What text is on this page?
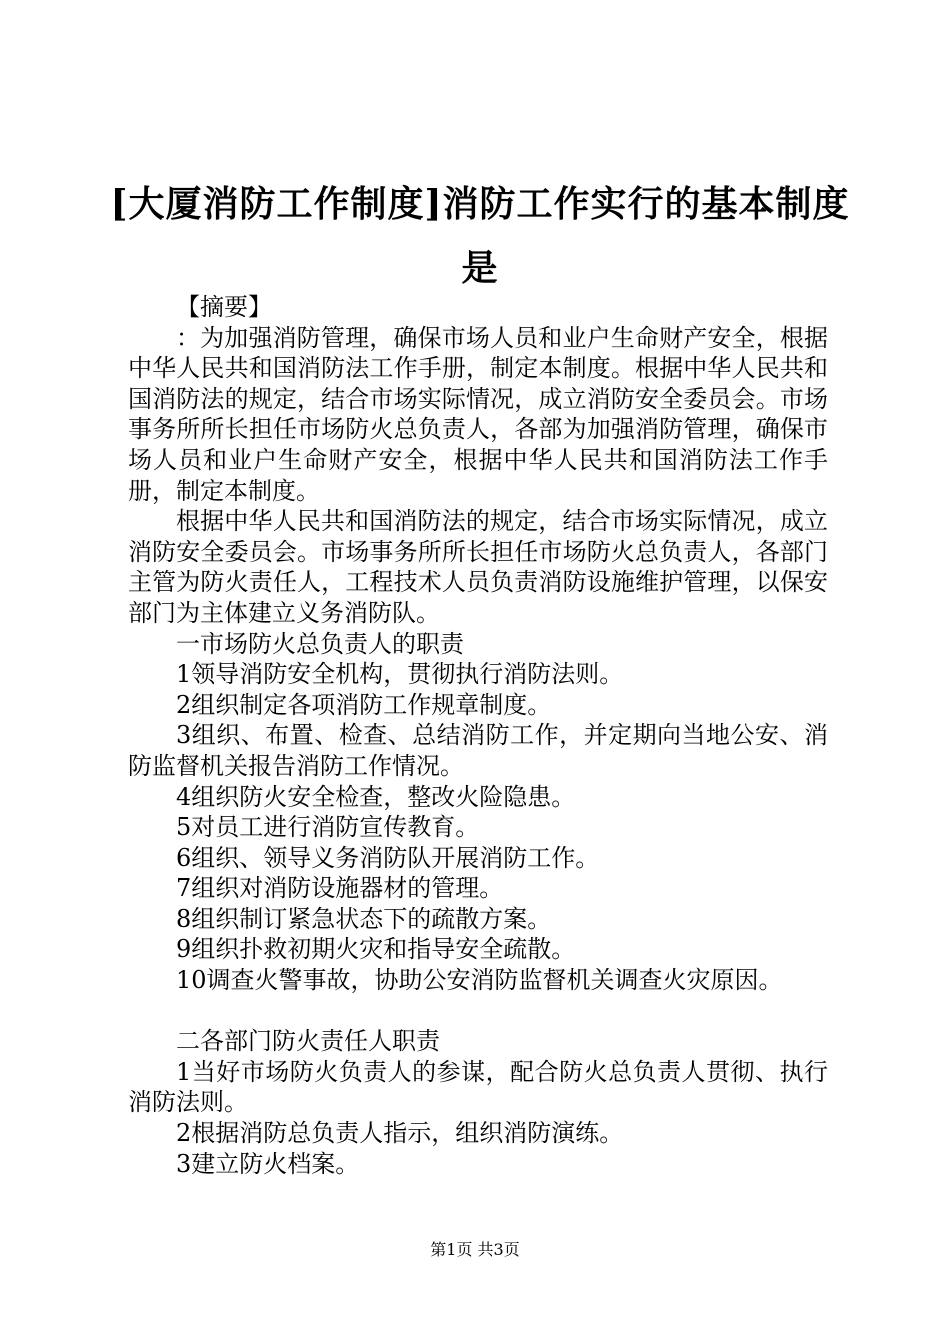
[大厦消防工作制度]消防工作实行的基本制度
是

【摘要】

：为加强消防管理，确保市场人员和业户生命财产安全，根据中华人民共和国消防法工作手册，制定本制度。根据中华人民共和国消防法的规定，结合市场实际情况，成立消防安全委员会。市场事务所所长担任市场防火总负责人，各部为加强消防管理，确保市场人员和业户生命财产安全，根据中华人民共和国消防法工作手册，制定本制度。

根据中华人民共和国消防法的规定，结合市场实际情况，成立消防安全委员会。市场事务所所长担任市场防火总负责人，各部门主管为防火责任人，工程技术人员负责消防设施维护管理，以保安部门为主体建立义务消防队。

一市场防火总负责人的职责

1领导消防安全机构，贯彻执行消防法则。

2组织制定各项消防工作规章制度。

3组织、布置、检查、总结消防工作，并定期向当地公安、消防监督机关报告消防工作情况。

4组织防火安全检查，整改火险隐患。

5对员工进行消防宣传教育。

6组织、领导义务消防队开展消防工作。

7组织对消防设施器材的管理。

8组织制订紧急状态下的疏散方案。

9组织扑救初期火灾和指导安全疏散。

10调查火警事故，协助公安消防监督机关调查火灾原因。

二各部门防火责任人职责

1当好市场防火负责人的参谋，配合防火总负责人贯彻、执行消防法则。

2根据消防总负责人指示，组织消防演练。

3建立防火档案。

第1页 共3页
